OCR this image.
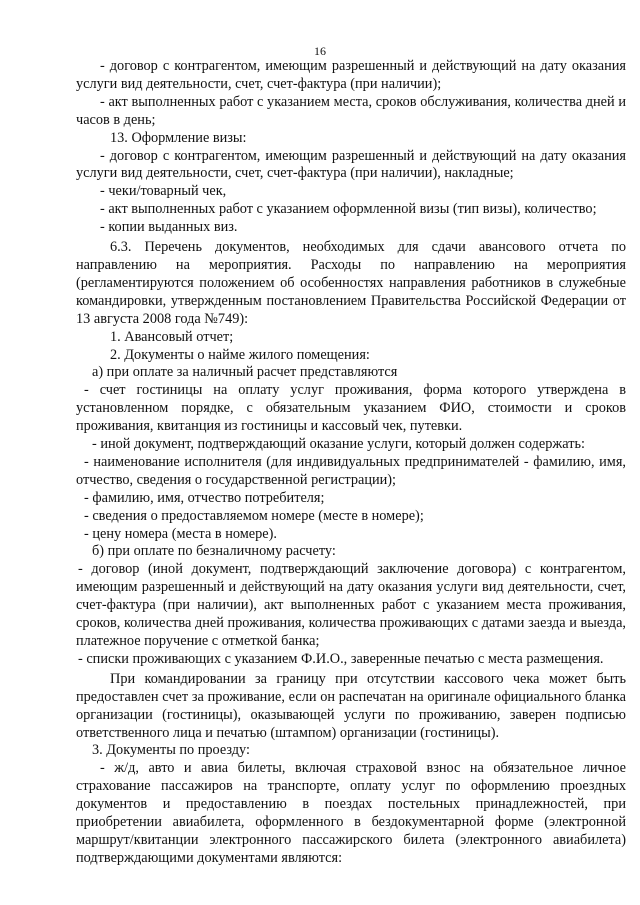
16

- договор с контрагентом, имеющим разрешенный и действующий на дату оказания услуги вид деятельности, счет, счет-фактура (при наличии);

- акт выполненных работ с указанием места, сроков обслуживания, количества дней и часов в день;

13. Оформление визы:

- договор с контрагентом, имеющим разрешенный и действующий на дату оказания услуги вид деятельности, счет, счет-фактура (при наличии), накладные;

- чеки/товарный чек,

- акт выполненных работ с указанием оформленной визы (тип визы), количество;

- копии выданных виз.

6.3. Перечень документов, необходимых для сдачи авансового отчета по направлению на мероприятия. Расходы по направлению на мероприятия (регламентируются положением об особенностях направления работников в служебные командировки, утвержденным постановлением Правительства Российской Федерации от 13 августа 2008 года №749):

1. Авансовый отчет;

2. Документы о найме жилого помещения:

а) при оплате за наличный расчет представляются

- счет гостиницы на оплату услуг проживания, форма которого утверждена в установленном порядке, с обязательным указанием ФИО, стоимости и сроков проживания, квитанция из гостиницы и кассовый чек, путевки.

- иной документ, подтверждающий оказание услуги, который должен содержать:

- наименование исполнителя (для индивидуальных предпринимателей - фамилию, имя, отчество, сведения о государственной регистрации);

- фамилию, имя, отчество потребителя;

- сведения о предоставляемом номере (месте в номере);

- цену номера (места в номере).

б) при оплате по безналичному расчету:

- договор (иной документ, подтверждающий заключение договора) с контрагентом, имеющим разрешенный и действующий на дату оказания услуги вид деятельности, счет, счет-фактура (при наличии), акт выполненных работ с указанием места проживания, сроков, количества дней проживания, количества проживающих с датами заезда и выезда, платежное поручение с отметкой банка;

- списки проживающих с указанием Ф.И.О., заверенные печатью с места размещения.

При командировании за границу при отсутствии кассового чека может быть предоставлен счет за проживание, если он распечатан на оригинале официального бланка организации (гостиницы), оказывающей услуги по проживанию, заверен подписью ответственного лица и печатью (штампом) организации (гостиницы).

3. Документы по проезду:

- ж/д, авто и авиа билеты, включая страховой взнос на обязательное личное страхование пассажиров на транспорте, оплату услуг по оформлению проездных документов и предоставлению в поездах постельных принадлежностей, при приобретении авиабилета, оформленного в бездокументарной форме (электронной маршрут/квитанции электронного пассажирского билета (электронного авиабилета) подтверждающими документами являются:
